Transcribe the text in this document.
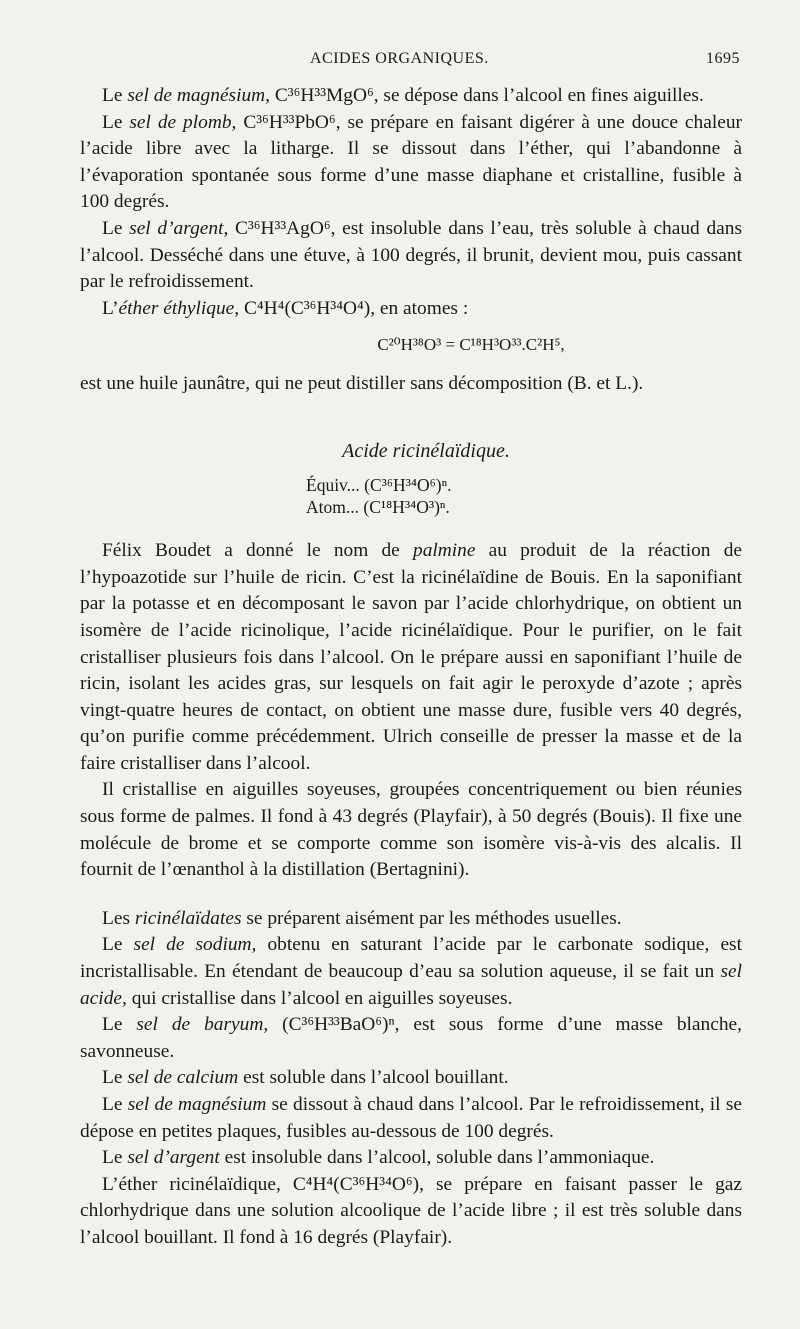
ACIDES ORGANIQUES.	1695

Le sel de magnésium, C³⁶H³³MgO⁶, se dépose dans l’alcool en fines aiguilles.

Le sel de plomb, C³⁶H³³PbO⁶, se prépare en faisant digérer à une douce chaleur l’acide libre avec la litharge. Il se dissout dans l’éther, qui l’abandonne à l’évaporation spontanée sous forme d’une masse diaphane et cristalline, fusible à 100 degrés.

Le sel d’argent, C³⁶H³³AgO⁶, est insoluble dans l’eau, très soluble à chaud dans l’alcool. Desséché dans une étuve, à 100 degrés, il brunit, devient mou, puis cassant par le refroidissement.

L’éther éthylique, C⁴H⁴(C³⁶H³⁴O⁴), en atomes :

C²⁰H³⁸O³ = C¹⁸H³O³³.C²H⁵,

est une huile jaunâtre, qui ne peut distiller sans décomposition (B. et L.).

Acide ricinélaïdique.

Équiv... (C³⁶H³⁴O⁶)ⁿ.

Atom... (C¹⁸H³⁴O³)ⁿ.

Félix Boudet a donné le nom de palmine au produit de la réaction de l’hypoazotide sur l’huile de ricin. C’est la ricinélaïdine de Bouis. En la saponifiant par la potasse et en décomposant le savon par l’acide chlorhydrique, on obtient un isomère de l’acide ricinolique, l’acide ricinélaïdique. Pour le purifier, on le fait cristalliser plusieurs fois dans l’alcool. On le prépare aussi en saponifiant l’huile de ricin, isolant les acides gras, sur lesquels on fait agir le peroxyde d’azote ; après vingt-quatre heures de contact, on obtient une masse dure, fusible vers 40 degrés, qu’on purifie comme précédemment. Ulrich conseille de presser la masse et de la faire cristalliser dans l’alcool.

Il cristallise en aiguilles soyeuses, groupées concentriquement ou bien réunies sous forme de palmes. Il fond à 43 degrés (Playfair), à 50 degrés (Bouis). Il fixe une molécule de brome et se comporte comme son isomère vis-à-vis des alcalis. Il fournit de l’œnanthol à la distillation (Bertagnini).

Les ricinélaïdates se préparent aisément par les méthodes usuelles.

Le sel de sodium, obtenu en saturant l’acide par le carbonate sodique, est incristallisable. En étendant de beaucoup d’eau sa solution aqueuse, il se fait un sel acide, qui cristallise dans l’alcool en aiguilles soyeuses.

Le sel de baryum, (C³⁶H³³BaO⁶)ⁿ, est sous forme d’une masse blanche, savonneuse.

Le sel de calcium est soluble dans l’alcool bouillant.

Le sel de magnésium se dissout à chaud dans l’alcool. Par le refroidissement, il se dépose en petites plaques, fusibles au-dessous de 100 degrés.

Le sel d’argent est insoluble dans l’alcool, soluble dans l’ammoniaque.

L’éther ricinélaïdique, C⁴H⁴(C³⁶H³⁴O⁶), se prépare en faisant passer le gaz chlorhydrique dans une solution alcoolique de l’acide libre ; il est très soluble dans l’alcool bouillant. Il fond à 16 degrés (Playfair).
